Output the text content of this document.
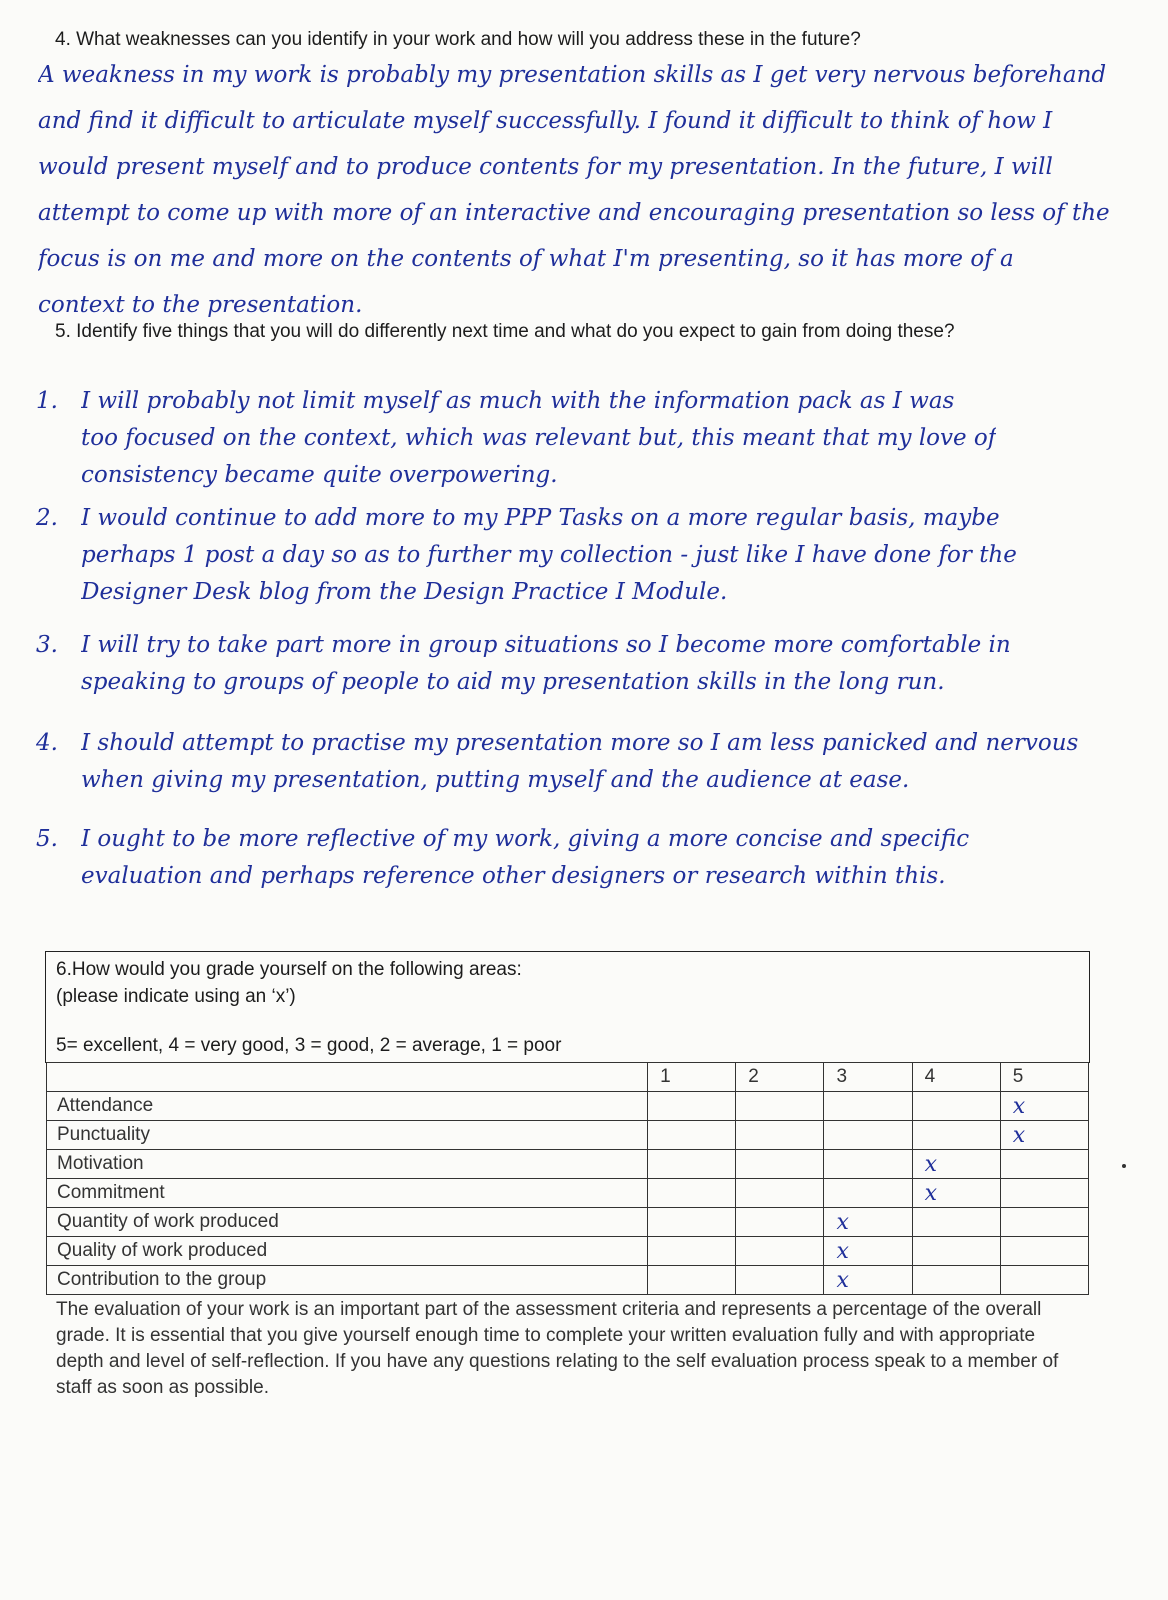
4. What weaknesses can you identify in your work and how will you address these in the future?
A weakness in my work is probably my presentation skills as I get very nervous beforehand
and find it difficult to articulate myself successfully. I found it difficult to think of how I
would present myself and to produce contents for my presentation. In the future, I will
attempt to come up with more of an interactive and encouraging presentation so less of the
focus is on me and more on the contents of what I'm presenting, so it has more of a
context to the presentation.
5. Identify five things that you will do differently next time and what do you expect to gain from doing these?
1. I will probably not limit myself as much with the information pack as I was
too focused on the context, which was relevant but, this meant that my love of
consistency became quite overpowering.
2. I would continue to add more to my PPP Tasks on a more regular basis, maybe
perhaps 1 post a day so as to further my collection - just like I have done for the
Designer Desk blog from the Design Practice I Module.
3. I will try to take part more in group situations so I become more comfortable in
speaking to groups of people to aid my presentation skills in the long run.
4. I should attempt to practise my presentation more so I am less panicked and nervous
when giving my presentation, putting myself and the audience at ease.
5. I ought to be more reflective of my work, giving a more concise and specific
evaluation and perhaps reference other designers or research within this.
6.How would you grade yourself on the following areas:
(please indicate using an ‘x’)
5= excellent, 4 = very good, 3 = good, 2 = average, 1 = poor
	1	2	3	4	5
Attendance					x
Punctuality					x
Motivation				x	
Commitment				x	
Quantity of work produced			x		
Quality of work produced			x		
Contribution to the group			x		
The evaluation of your work is an important part of the assessment criteria and represents a percentage of the overall grade. It is essential that you give yourself enough time to complete your written evaluation fully and with appropriate depth and level of self-reflection. If you have any questions relating to the self evaluation process speak to a member of staff as soon as possible.
